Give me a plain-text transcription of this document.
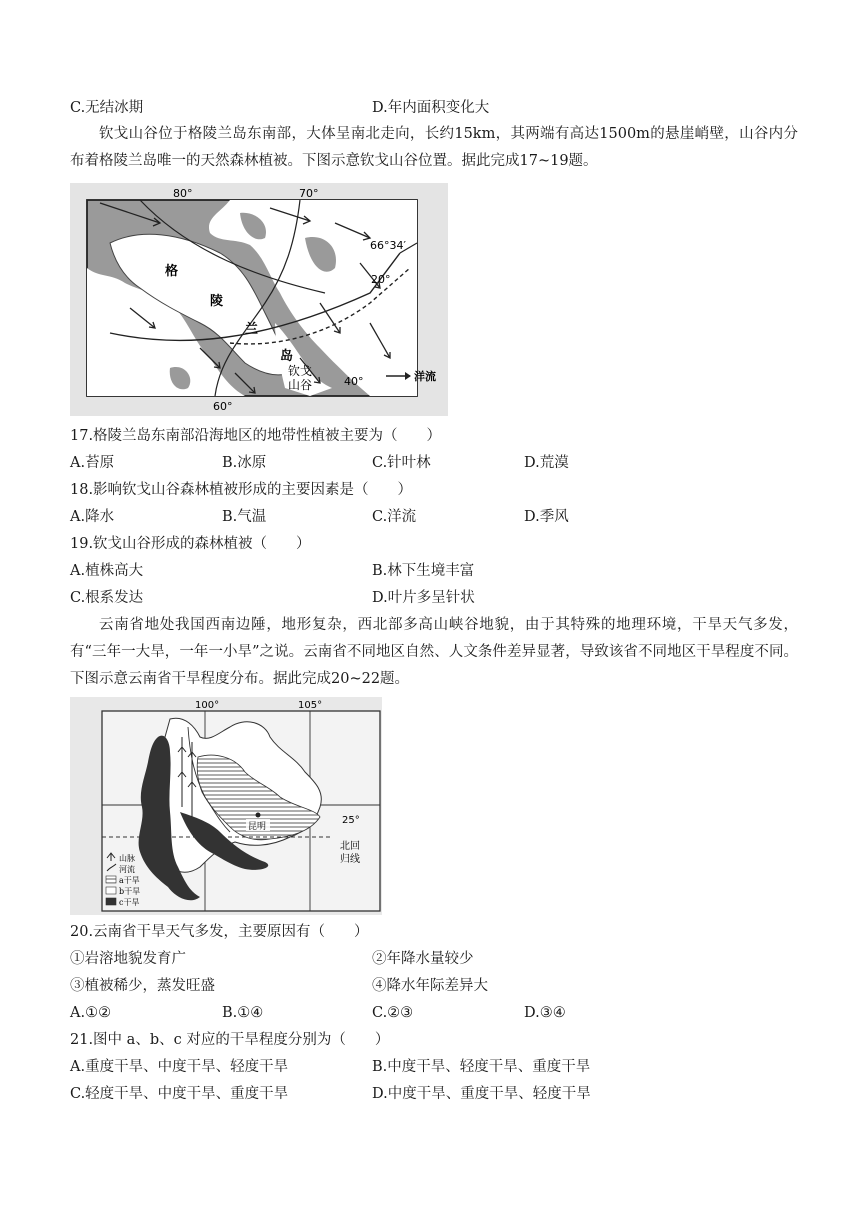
C.无结冰期	D.年内面积变化大
钦戈山谷位于格陵兰岛东南部，大体呈南北走向，长约15km，其两端有高达1500m的悬崖峭壁，山谷内分布着格陵兰岛唯一的天然森林植被。下图示意钦戈山谷位置。据此完成17~19题。
80°	70°
66°34′
20°
40°
60°
格
陵
兰
岛
钦戈
山谷
洋流
17.格陵兰岛东南部沿海地区的地带性植被主要为（　　）
A.苔原	B.冰原	C.针叶林	D.荒漠
18.影响钦戈山谷森林植被形成的主要因素是（　　）
A.降水	B.气温	C.洋流	D.季风
19.钦戈山谷形成的森林植被（　　）
A.植株高大	B.林下生境丰富
C.根系发达	D.叶片多呈针状
云南省地处我国西南边陲，地形复杂，西北部多高山峡谷地貌，由于其特殊的地理环境，干旱天气多发，有“三年一大旱，一年一小旱”之说。云南省不同地区自然、人文条件差异显著，导致该省不同地区干旱程度不同。下图示意云南省干旱程度分布。据此完成20~22题。
昆明
100°	105°
25°
北回
归线
山脉
河流
a干旱
b干旱
c干旱
20.云南省干旱天气多发，主要原因有（　　）
①岩溶地貌发育广	②年降水量较少
③植被稀少，蒸发旺盛	④降水年际差异大
A.①②	B.①④	C.②③	D.③④
21.图中 a、b、c 对应的干旱程度分别为（　　）
A.重度干旱、中度干旱、轻度干旱	B.中度干旱、轻度干旱、重度干旱
C.轻度干旱、中度干旱、重度干旱	D.中度干旱、重度干旱、轻度干旱
